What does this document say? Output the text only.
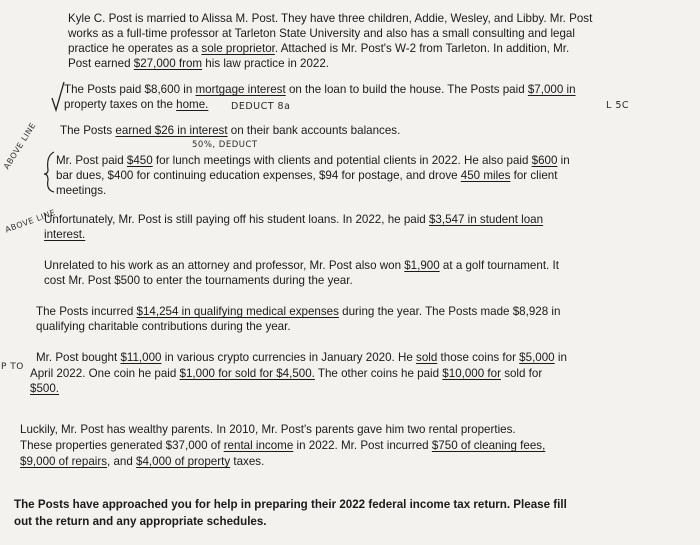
Kyle C. Post is married to Alissa M. Post. They have three children, Addie, Wesley, and Libby. Mr. Post

works as a full-time professor at Tarleton State University and also has a small consulting and legal

practice he operates as a sole proprietor. Attached is Mr. Post's W-2 from Tarleton. In addition, Mr.

Post earned $27,000 from his law practice in 2022.

The Posts paid $8,600 in mortgage interest on the loan to build the house. The Posts paid $7,000 in

property taxes on the home. DEDUCT 8a	L 5C

The Posts earned $26 in interest on their bank accounts balances.

50%, DEDUCT
ABOVE LINE Mr. Post paid $450 for lunch meetings with clients and potential clients in 2022. He also paid $600 in

bar dues, $400 for continuing education expenses, $94 for postage, and drove 450 miles for client

meetings.

ABOVE LINE

Unfortunately, Mr. Post is still paying off his student loans. In 2022, he paid $3,547 in student loan

interest.

Unrelated to his work as an attorney and professor, Mr. Post also won $1,900 at a golf tournament. It

cost Mr. Post $500 to enter the tournaments during the year.

The Posts incurred $14,254 in qualifying medical expenses during the year. The Posts made $8,928 in

qualifying charitable contributions during the year.

Mr. Post bought $11,000 in various crypto currencies in January 2020. He sold those coins for $5,000 in

P TO April 2022. One coin he paid $1,000 for sold for $4,500. The other coins he paid $10,000 for sold for

$500.

Luckily, Mr. Post has wealthy parents. In 2010, Mr. Post's parents gave him two rental properties.

These properties generated $37,000 of rental income in 2022. Mr. Post incurred $750 of cleaning fees,

$9,000 of repairs, and $4,000 of property taxes.

The Posts have approached you for help in preparing their 2022 federal income tax return. Please fill

out the return and any appropriate schedules.
